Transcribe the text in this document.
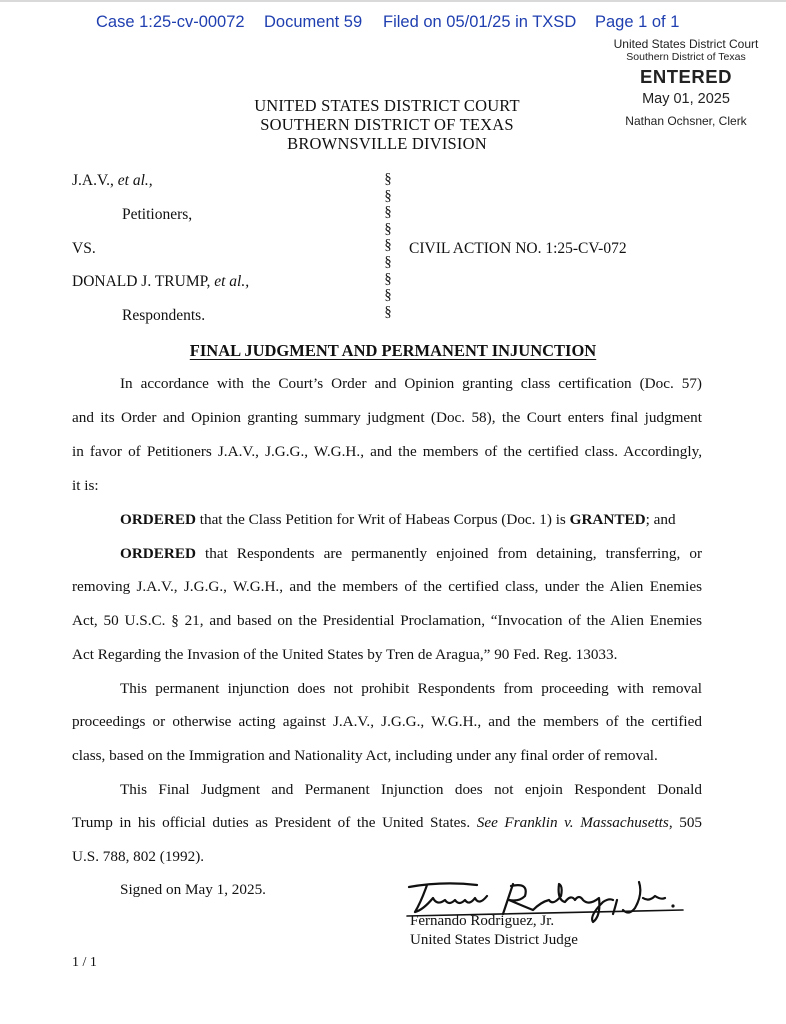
Case 1:25-cv-00072 Document 59 Filed on 05/01/25 in TXSD Page 1 of 1
United States District Court
Southern District of Texas
ENTERED
May 01, 2025
Nathan Ochsner, Clerk
UNITED STATES DISTRICT COURT
SOUTHERN DISTRICT OF TEXAS
BROWNSVILLE DIVISION
J.A.V., et al.,
Petitioners,
VS.
DONALD J. TRUMP, et al.,
Respondents.
CIVIL ACTION NO. 1:25-CV-072
§
§
§
§
§
§
§
§
§
FINAL JUDGMENT AND PERMANENT INJUNCTION
In accordance with the Court’s Order and Opinion granting class certification (Doc. 57)
and its Order and Opinion granting summary judgment (Doc. 58), the Court enters final judgment
in favor of Petitioners J.A.V., J.G.G., W.G.H., and the members of the certified class. Accordingly,
it is:
ORDERED that the Class Petition for Writ of Habeas Corpus (Doc. 1) is GRANTED; and
ORDERED that Respondents are permanently enjoined from detaining, transferring, or
removing J.A.V., J.G.G., W.G.H., and the members of the certified class, under the Alien Enemies
Act, 50 U.S.C. § 21, and based on the Presidential Proclamation, “Invocation of the Alien Enemies
Act Regarding the Invasion of the United States by Tren de Aragua,” 90 Fed. Reg. 13033.
This permanent injunction does not prohibit Respondents from proceeding with removal
proceedings or otherwise acting against J.A.V., J.G.G., W.G.H., and the members of the certified
class, based on the Immigration and Nationality Act, including under any final order of removal.
This Final Judgment and Permanent Injunction does not enjoin Respondent Donald
Trump in his official duties as President of the United States. See Franklin v. Massachusetts, 505
U.S. 788, 802 (1992).
Signed on May 1, 2025.
Fernando Rodriguez, Jr.
United States District Judge
1 / 1
